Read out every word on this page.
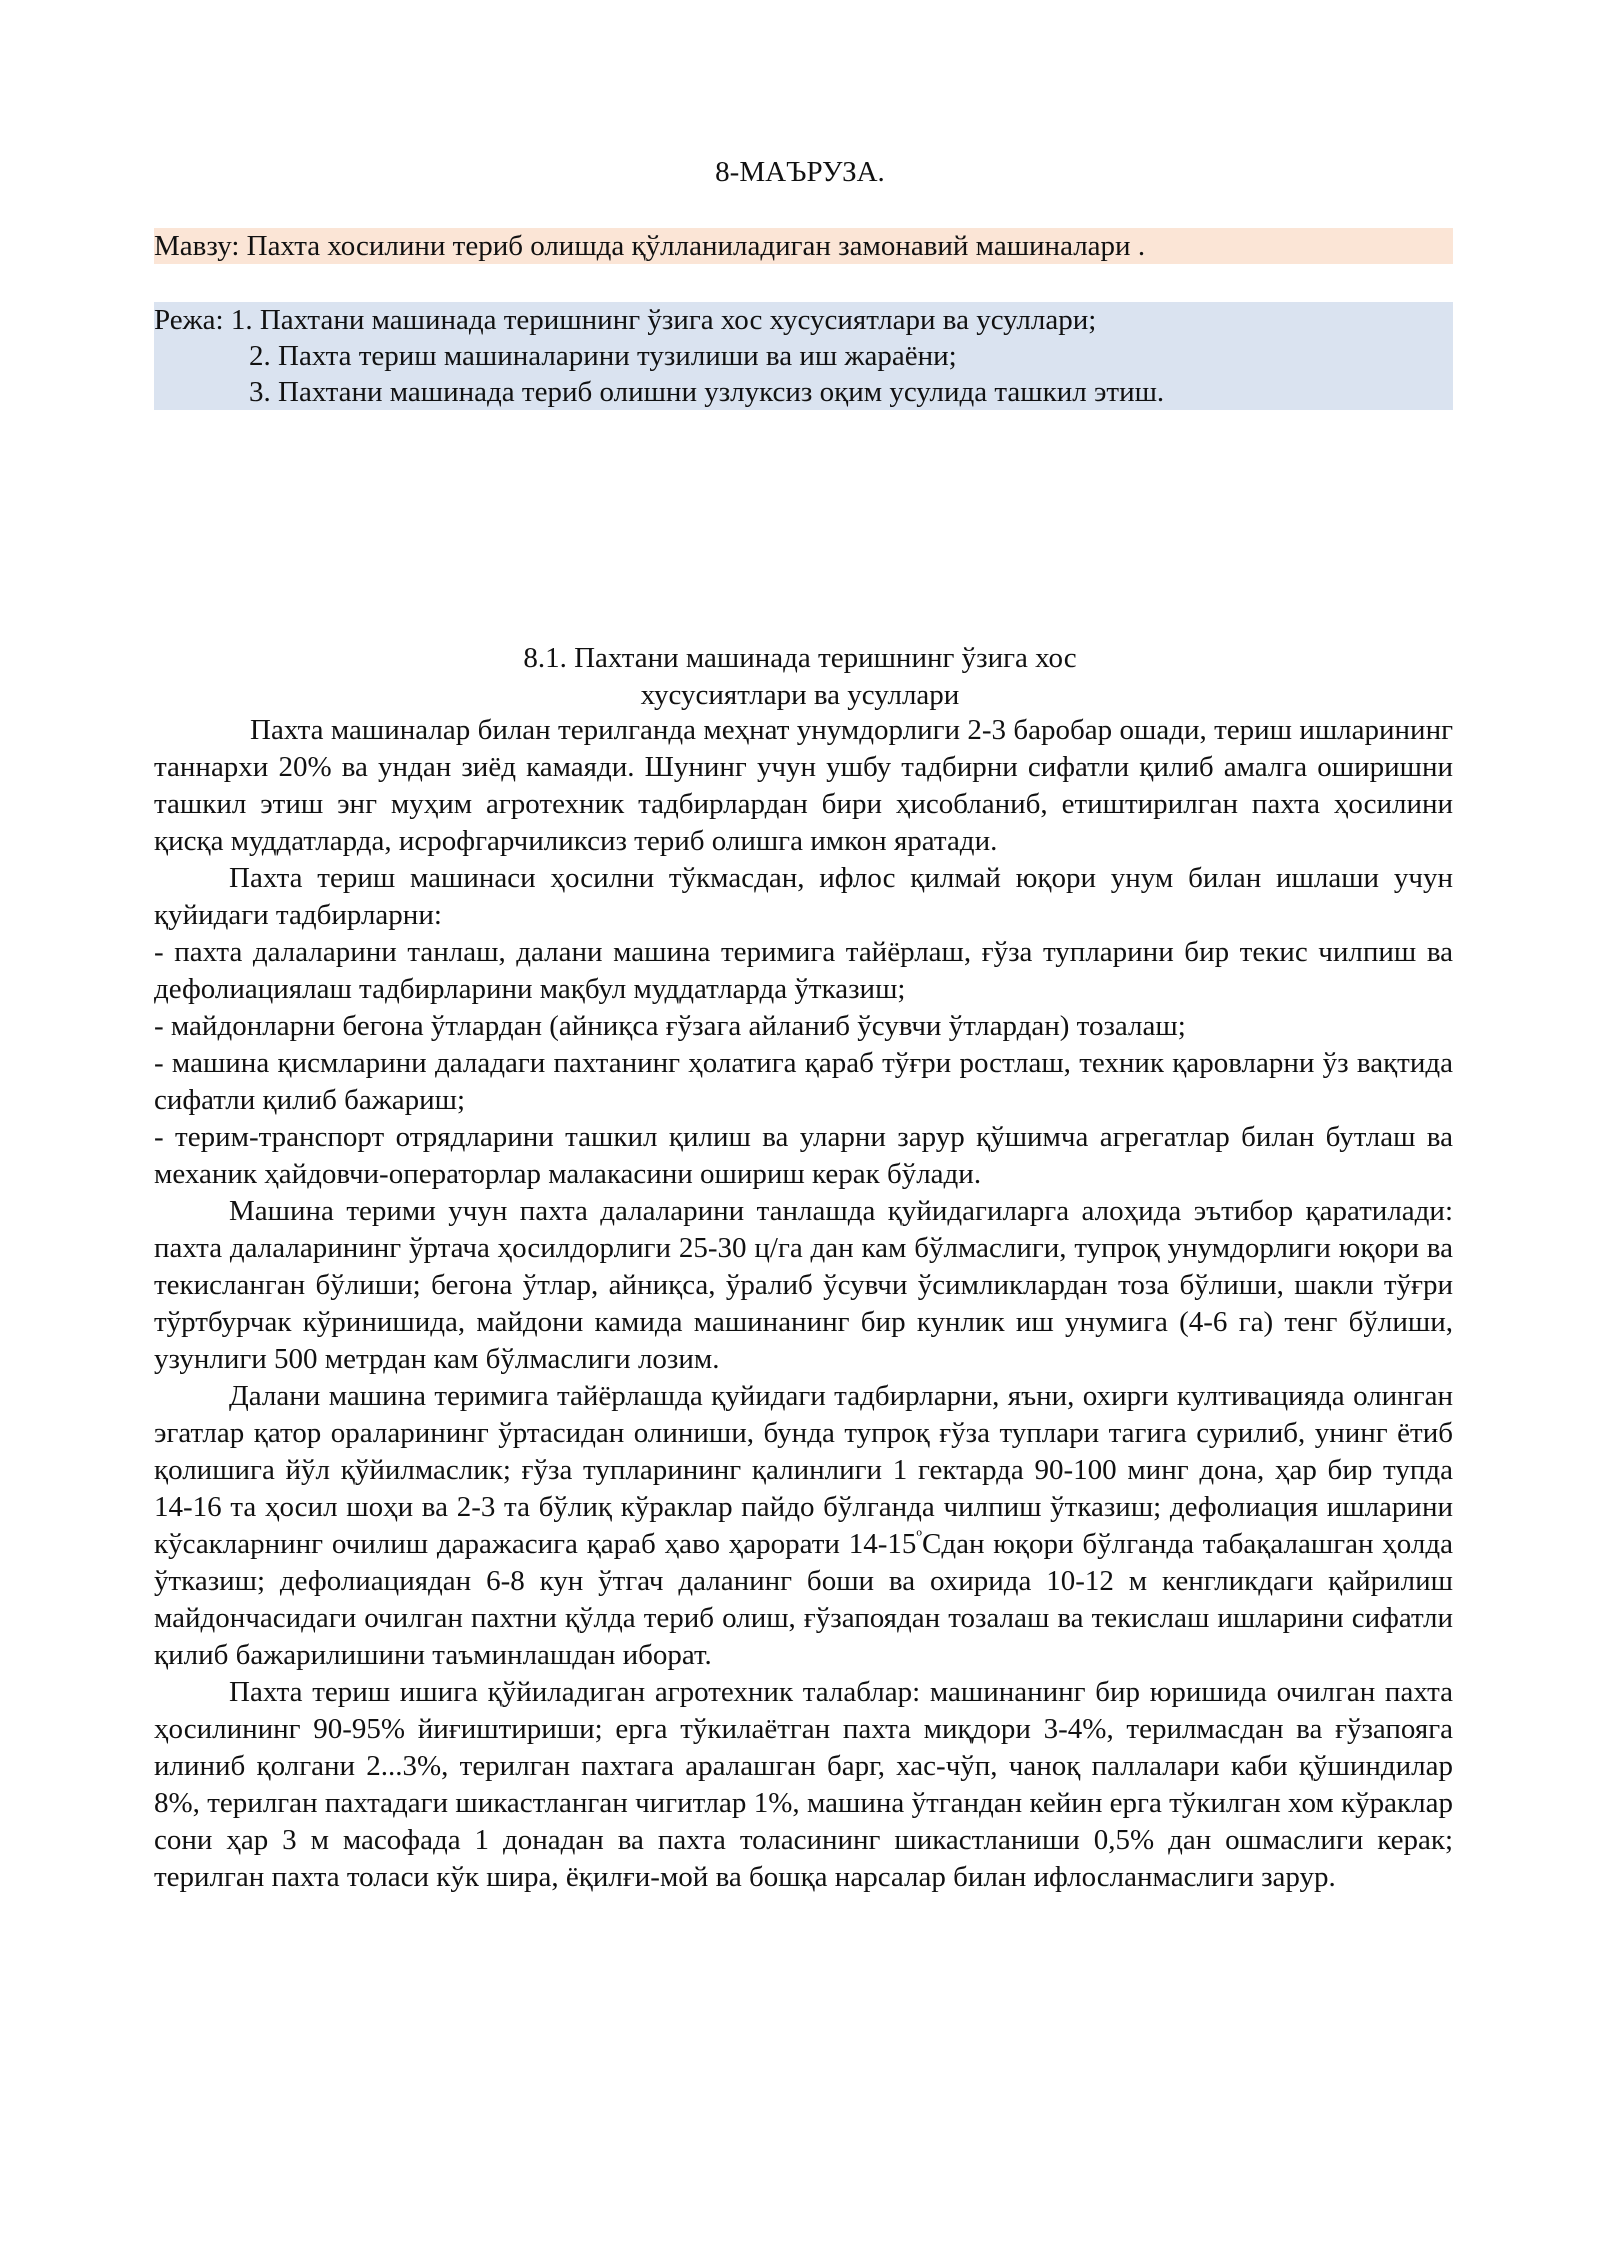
8-МАЪРУЗА.
Мавзу: Пахта хосилини териб олишда қўлланиладиган замонавий машиналари .
Режа: 1. Пахтани машинада теришнинг ўзига хос хусусиятлари ва усуллари;
2. Пахта териш машиналарини тузилиши ва иш жараёни;
3. Пахтани машинада териб олишни узлуксиз оқим усулида ташкил этиш.
8.1. Пахтани машинада теришнинг ўзига хос
хусусиятлари ва усуллари

Пахта машиналар билан терилганда меҳнат унумдорлиги 2-3 баробар ошади, териш ишларининг таннархи 20% ва ундан зиёд камаяди. Шунинг учун ушбу тадбирни сифатли қилиб амалга оширишни ташкил этиш энг муҳим агротехник тадбирлардан бири ҳисобланиб, етиштирилган пахта ҳосилини қисқа муддатларда, исрофгарчиликсиз териб олишга имкон яратади.

Пахта териш машинаси ҳосилни тўкмасдан, ифлос қилмай юқори унум билан ишлаши учун қуйидаги тадбирларни:

- пахта далаларини танлаш, далани машина теримига тайёрлаш, ғўза тупларини бир текис чилпиш ва дефолиациялаш тадбирларини мақбул муддатларда ўтказиш;

- майдонларни бегона ўтлардан (айниқса ғўзага айланиб ўсувчи ўтлардан) тозалаш;

- машина қисмларини даладаги пахтанинг ҳолатига қараб тўғри ростлаш, техник қаровларни ўз вақтида сифатли қилиб бажариш;

- терим-транспорт отрядларини ташкил қилиш ва уларни зарур қўшимча агрегатлар билан бутлаш ва механик ҳайдовчи-операторлар малакасини ошириш керак бўлади.

Машина терими учун пахта далаларини танлашда қуйидагиларга алоҳида эътибор қаратилади: пахта далаларининг ўртача ҳосилдорлиги 25-30 ц/га дан кам бўлмаслиги, тупроқ унумдорлиги юқори ва текисланган бўлиши; бегона ўтлар, айниқса, ўралиб ўсувчи ўсимликлардан тоза бўлиши, шакли тўғри тўртбурчак кўринишида, майдони камида машинанинг бир кунлик иш унумига (4-6 га) тенг бўлиши, узунлиги 500 метрдан кам бўлмаслиги лозим.

Далани машина теримига тайёрлашда қуйидаги тадбирларни, яъни, охирги култивацияда олинган эгатлар қатор ораларининг ўртасидан олиниши, бунда тупроқ ғўза туплари тагига сурилиб, унинг ётиб қолишига йўл қўйилмаслик; ғўза тупларининг қалинлиги 1 гектарда 90-100 минг дона, ҳар бир тупда 14-16 та ҳосил шоҳи ва 2-3 та бўлиқ кўраклар пайдо бўлганда чилпиш ўтказиш; дефолиация ишларини кўсакларнинг очилиш даражасига қараб ҳаво ҳарорати $14-15^ºСдан$ юқори бўлганда табақалашган ҳолда ўтказиш; дефолиациядан 6-8 кун ўтгач даланинг боши ва охирида 10-12 м кенгликдаги қайрилиш майдончасидаги очилган пахтни қўлда териб олиш, ғўзапоядан тозалаш ва текислаш ишларини сифатли қилиб бажарилишини таъминлашдан иборат.

Пахта териш ишига қўйиладиган агротехник талаблар: машинанинг бир юришида очилган пахта ҳосилининг 90-95% йиғиштириши; ерга тўкилаётган пахта миқдори 3-4%, терилмасдан ва ғўзапояга илиниб қолгани 2...3%, терилган пахтага аралашган барг, хас-чўп, чаноқ паллалари каби қўшиндилар 8%, терилган пахтадаги шикастланган чигитлар 1%, машина ўтгандан кейин ерга тўкилган хом кўраклар сони ҳар 3 м масофада 1 донадан ва пахта толасининг шикастланиши 0,5% дан ошмаслиги керак; терилган пахта толаси кўк шира, ёқилғи-мой ва бошқа нарсалар билан ифлосланмаслиги зарур.
